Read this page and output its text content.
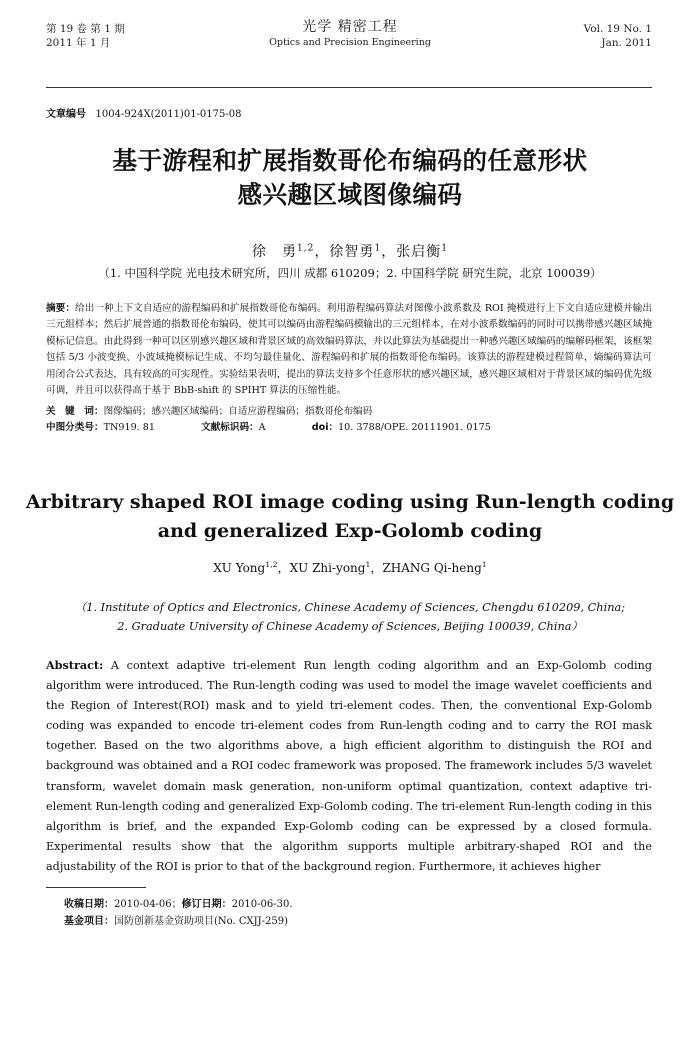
第 19 卷 第 1 期
2011 年 1 月
光学 精密工程
Optics and Precision Engineering
Vol. 19 No. 1
Jan. 2011
文章编号 1004-924X(2011)01-0175-08
基于游程和扩展指数哥伦布编码的任意形状
感兴趣区域图像编码
徐　勇$^{1,2}$，徐智勇$^1$，张启衡$^1$
（1. 中国科学院 光电技术研究所，四川 成都 610209；2. 中国科学院 研究生院，北京 100039）
摘要：给出一种上下文自适应的游程编码和扩展指数哥伦布编码。利用游程编码算法对图像小波系数及 ROI 掩模进行上下文自适应建模并输出三元组样本；然后扩展普通的指数哥伦布编码，使其可以编码由游程编码模输出的三元组样本，在对小波系数编码的同时可以携带感兴趣区域掩模标记信息。由此得到一种可以区别感兴趣区域和背景区域的高效编码算法，并以此算法为基础提出一种感兴趣区域编码的编解码框架，该框架包括 5/3 小波变换、小波域掩模标记生成、不均匀最佳量化、游程编码和扩展的指数哥伦布编码。该算法的游程建模过程简单，熵编码算法可用闭合公式表达，具有较高的可实现性。实验结果表明，提出的算法支持多个任意形状的感兴趣区域，感兴趣区域相对于背景区域的编码优先级可调，并且可以获得高于基于 BbB-shift 的 SPIHT 算法的压缩性能。
关　键　词：图像编码；感兴趣区域编码；自适应游程编码；指数哥伦布编码
中图分类号：TN919. 81	文献标识码：A	doi：10. 3788/OPE. 20111901. 0175
Arbitrary shaped ROI image coding using Run-length coding
and generalized Exp-Golomb coding
XU Yong$^{1,2}$，XU Zhi-yong$^1$，ZHANG Qi-heng$^1$
（1. Institute of Optics and Electronics, Chinese Academy of Sciences, Chengdu 610209, China;
2. Graduate University of Chinese Academy of Sciences, Beijing 100039, China）
Abstract: A context adaptive tri-element Run length coding algorithm and an Exp-Golomb coding algorithm were introduced. The Run-length coding was used to model the image wavelet coefficients and the Region of Interest(ROI) mask and to yield tri-element codes. Then, the conventional Exp-Golomb coding was expanded to encode tri-element codes from Run-length coding and to carry the ROI mask together. Based on the two algorithms above, a high efficient algorithm to distinguish the ROI and background was obtained and a ROI codec framework was proposed. The framework includes 5/3 wavelet transform, wavelet domain mask generation, non-uniform optimal quantization, context adaptive tri-element Run-length coding and generalized Exp-Golomb coding. The tri-element Run-length coding in this algorithm is brief, and the expanded Exp-Golomb coding can be expressed by a closed formula. Experimental results show that the algorithm supports multiple arbitrary-shaped ROI and the adjustability of the ROI is prior to that of the background region. Furthermore, it achieves higher
收稿日期：2010-04-06；修订日期：2010-06-30.
基金项目：国防创新基金资助项目(No. CXJJ-259)
